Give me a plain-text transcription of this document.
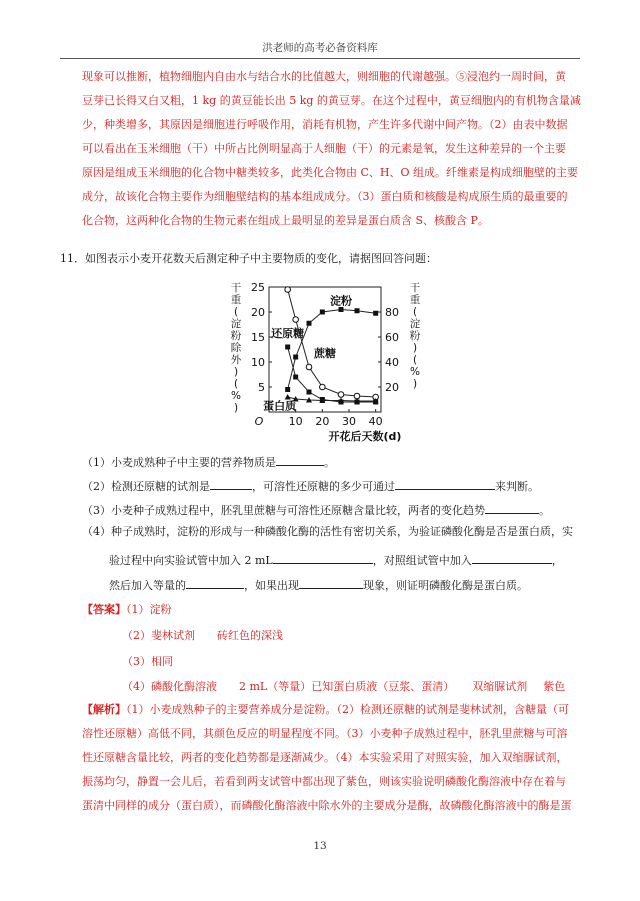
洪老师的高考必备资料库
现象可以推断，植物细胞内自由水与结合水的比值越大，则细胞的代谢越强。⑤浸泡约一周时间，黄
豆芽已长得又白又粗，1 kg 的黄豆能长出 5 kg 的黄豆芽。在这个过程中，黄豆细胞内的有机物含量减
少，种类增多，其原因是细胞进行呼吸作用，消耗有机物，产生许多代谢中间产物。（2）由表中数据
可以看出在玉米细胞（干）中所占比例明显高于人细胞（干）的元素是氧，发生这种差异的一个主要
原因是组成玉米细胞的化合物中糖类较多，此类化合物由 C、H、O 组成。纤维素是构成细胞壁的主要
成分，故该化合物主要作为细胞壁结构的基本组成成分。（3）蛋白质和核酸是构成原生质的最重要的
化合物，这两种化合物的生物元素在组成上最明显的差异是蛋白质含 S、核酸含 P。
11．如图表示小麦开花数天后测定种子中主要物质的变化，请据图回答问题：
5
10
15
20
25
20
40
60
80
10 20 30 40
O
淀粉
蔗糖
还原糖
蛋白质
干
重
(
淀
粉
除
外
)
(
%
)
干
重
(
淀
粉
)
(
%
)
开花后天数(d)
（1）小麦成熟种子中主要的营养物质是	。
（2）检测还原糖的试剂是	，可溶性还原糖的多少可通过	来判断。
（3）小麦种子成熟过程中，胚乳里蔗糖与可溶性还原糖含量比较，两者的变化趋势	。
（4）种子成熟时，淀粉的形成与一种磷酸化酶的活性有密切关系，为验证磷酸化酶是否是蛋白质，实
验过程中向实验试管中加入 2 mL	，对照组试管中加入	，
然后加入等量的	，如果出现	现象，则证明磷酸化酶是蛋白质。
【答案】（1）淀粉
（2）斐林试剂 砖红色的深浅
（3）相同
（4）磷酸化酶溶液 2 mL（等量）已知蛋白质液（豆浆、蛋清） 双缩脲试剂 紫色
【解析】（1）小麦成熟种子的主要营养成分是淀粉。（2）检测还原糖的试剂是斐林试剂，含糖量（可
溶性还原糖）高低不同，其颜色反应的明显程度不同。（3）小麦种子成熟过程中，胚乳里蔗糖与可溶
性还原糖含量比较，两者的变化趋势都是逐渐减少。（4）本实验采用了对照实验，加入双缩脲试剂，
振荡均匀，静置一会儿后，若看到两支试管中都出现了紫色，则该实验说明磷酸化酶溶液中存在着与
蛋清中同样的成分（蛋白质），而磷酸化酶溶液中除水外的主要成分是酶，故磷酸化酶溶液中的酶是蛋
13
